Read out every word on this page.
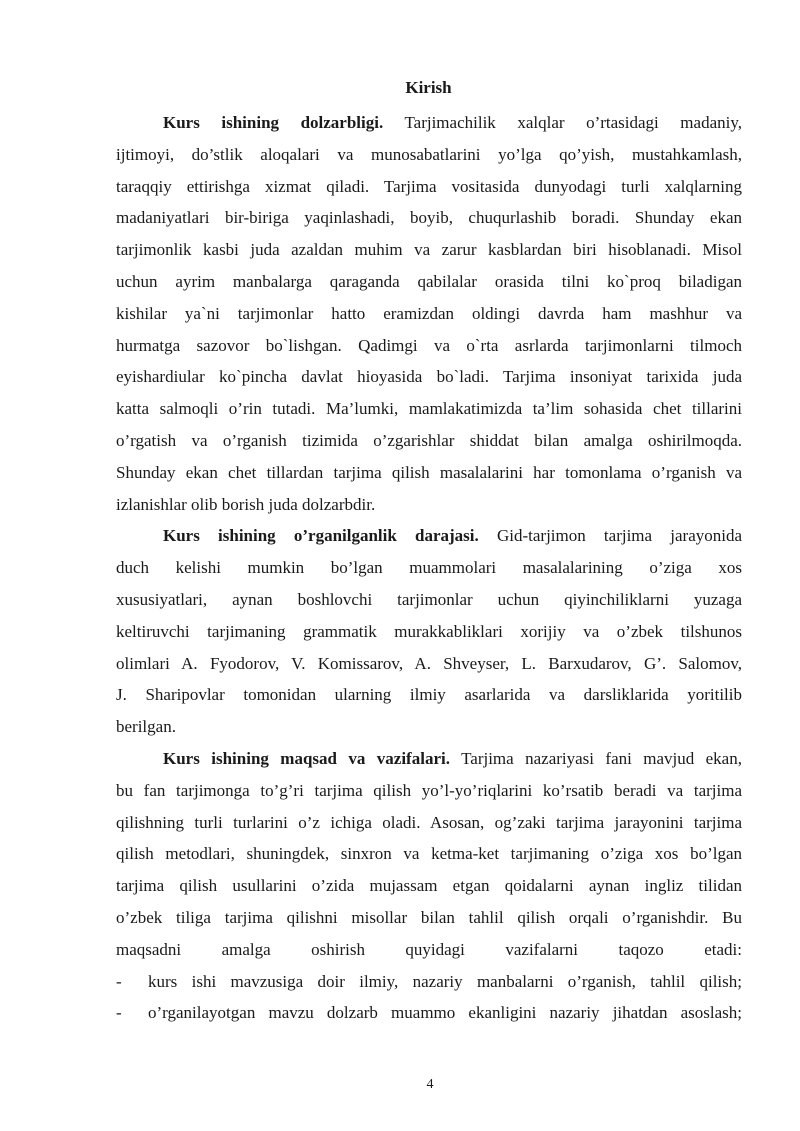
Kirish
Kurs ishining dolzarbligi. Tarjimachilik xalqlar o’rtasidagi madaniy,
ijtimoyi, do’stlik aloqalari va munosabatlarini yo’lga qo’yish, mustahkamlash,
taraqqiy ettirishga xizmat qiladi. Tarjima vositasida dunyodagi turli xalqlarning
madaniyatlari bir-biriga yaqinlashadi, boyib, chuqurlashib boradi. Shunday ekan
tarjimonlik kasbi juda azaldan muhim va zarur kasblardan biri hisoblanadi. Misol
uchun ayrim manbalarga qaraganda qabilalar orasida tilni ko`proq biladigan
kishilar ya`ni tarjimonlar hatto eramizdan oldingi davrda ham mashhur va
hurmatga sazovor bo`lishgan. Qadimgi va o`rta asrlarda tarjimonlarni tilmoch
eyishardiular ko`pincha davlat hioyasida bo`ladi. Tarjima insoniyat tarixida juda
katta salmoqli o’rin tutadi. Ma’lumki, mamlakatimizda ta’lim sohasida chet tillarini
o’rgatish va o’rganish tizimida o’zgarishlar shiddat bilan amalga oshirilmoqda.
Shunday ekan chet tillardan tarjima qilish masalalarini har tomonlama o’rganish va
izlanishlar olib borish juda dolzarbdir.
Kurs ishining o’rganilganlik darajasi. Gid-tarjimon tarjima jarayonida
duch kelishi mumkin bo’lgan muammolari masalalarining o’ziga xos
xususiyatlari, aynan boshlovchi tarjimonlar uchun qiyinchiliklarni yuzaga
keltiruvchi tarjimaning grammatik murakkabliklari xorijiy va o’zbek tilshunos
olimlari A. Fyodorov, V. Komissarov, A. Shveyser, L. Barxudarov, G’. Salomov,
J. Sharipovlar tomonidan ularning ilmiy asarlarida va darsliklarida yoritilib
berilgan.
Kurs ishining maqsad va vazifalari. Tarjima nazariyasi fani mavjud ekan,
bu fan tarjimonga to’g’ri tarjima qilish yo’l-yo’riqlarini ko’rsatib beradi va tarjima
qilishning turli turlarini o’z ichiga oladi. Asosan, og’zaki tarjima jarayonini tarjima
qilish metodlari, shuningdek, sinxron va ketma-ket tarjimaning o’ziga xos bo’lgan
tarjima qilish usullarini o’zida mujassam etgan qoidalarni aynan ingliz tilidan
o’zbek tiliga tarjima qilishni misollar bilan tahlil qilish orqali o’rganishdir. Bu
maqsadni amalga oshirish quyidagi vazifalarni taqozo etadi:
-	kurs ishi mavzusiga doir ilmiy, nazariy manbalarni o’rganish, tahlil qilish;
-	o’rganilayotgan mavzu dolzarb muammo ekanligini nazariy jihatdan asoslash;
4
